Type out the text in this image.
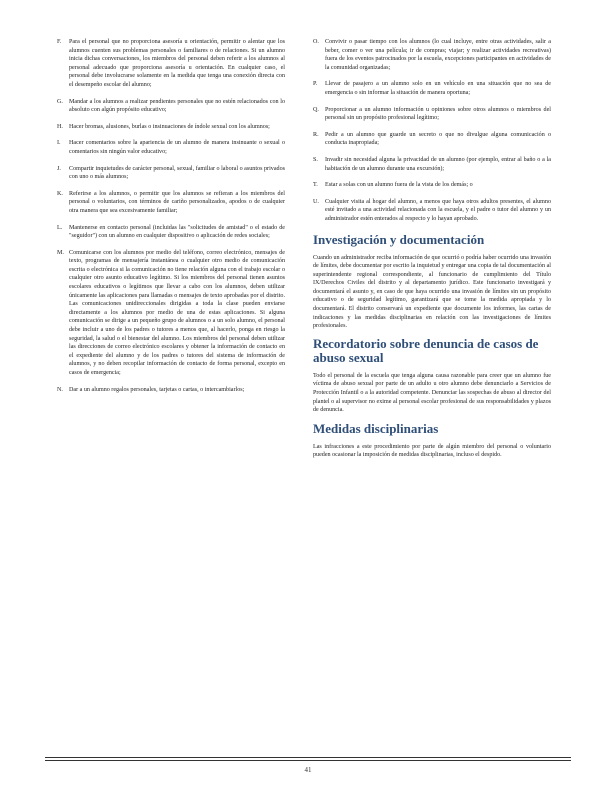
F.	Para el personal que no proporciona asesoría u orientación, permitir o alentar que los alumnos cuenten sus problemas personales o familiares o de relaciones. Si un alumno inicia dichas conversaciones, los miembros del personal deben referir a los alumnos al personal adecuado que proporciona asesoría u orientación. En cualquier caso, el personal debe involucrarse solamente en la medida que tenga una conexión directa con el desempeño escolar del alumno;
G. Mandar a los alumnos a realizar pendientes personales que no estén relacionados con lo absoluto con algún propósito educativo;
H. Hacer bromas, alusiones, burlas o insinuaciones de índole sexual con los alumnos;
I.	Hacer comentarios sobre la apariencia de un alumno de manera insinuante o sexual o comentarios sin ningún valor educativo;
J.	Compartir inquietudes de carácter personal, sexual, familiar o laboral o asuntos privados con uno o más alumnos;
K. Referirse a los alumnos, o permitir que los alumnos se refieran a los miembros del personal o voluntarios, con términos de cariño personalizados, apodos o de cualquier otra manera que sea excesivamente familiar;
L.	Mantenerse en contacto personal (incluidas las "solicitudes de amistad" o el estado de "seguidor") con un alumno en cualquier dispositivo o aplicación de redes sociales;
M. Comunicarse con los alumnos por medio del teléfono, correo electrónico, mensajes de texto, programas de mensajería instantánea o cualquier otro medio de comunicación escrita o electrónica si la comunicación no tiene relación alguna con el trabajo escolar o cualquier otro asunto educativo legítimo. Si los miembros del personal tienen asuntos escolares educativos o legítimos que llevar a cabo con los alumnos, deben utilizar únicamente las aplicaciones para llamadas o mensajes de texto aprobadas por el distrito. Las comunicaciones unidireccionales dirigidas a toda la clase pueden enviarse directamente a los alumnos por medio de una de estas aplicaciones. Si alguna comunicación se dirige a un pequeño grupo de alumnos o a un solo alumno, el personal debe incluir a uno de los padres o tutores a menos que, al hacerlo, ponga en riesgo la seguridad, la salud o el bienestar del alumno. Los miembros del personal deben utilizar las direcciones de correo electrónico escolares y obtener la información de contacto en el expediente del alumno y de los padres o tutores del sistema de información de alumnos, y no deben recopilar información de contacto de forma personal, excepto en casos de emergencia;
N. Dar a un alumno regalos personales, tarjetas o cartas, o intercambiarlos;
O. Convivir o pasar tiempo con los alumnos (lo cual incluye, entre otras actividades, salir a beber, comer o ver una película; ir de compras; viajar; y realizar actividades recreativas) fuera de los eventos patrocinados por la escuela, excepciones participantes en actividades de la comunidad organizadas;
P.	Llevar de pasajero a un alumno solo en un vehículo en una situación que no sea de emergencia o sin informar la situación de manera oportuna;
Q. Proporcionar a un alumno información u opiniones sobre otros alumnos o miembros del personal sin un propósito profesional legítimo;
R.	Pedir a un alumno que guarde un secreto o que no divulgue alguna comunicación o conducta inapropiada;
S.	Invadir sin necesidad alguna la privacidad de un alumno (por ejemplo, entrar al baño o a la habitación de un alumno durante una excursión);
T.	Estar a solas con un alumno fuera de la vista de los demás; o
U. Cualquier visita al hogar del alumno, a menos que haya otros adultos presentes, el alumno esté invitado a una actividad relacionada con la escuela, y el padre o tutor del alumno y un administrador estén enterados al respecto y lo hayan aprobado.
Investigación y documentación

Cuando un administrador reciba información de que ocurrió o podría haber ocurrido una invasión de límites, debe documentar por escrito la inquietud y entregar una copia de tal documentación al superintendente regional correspondiente, al funcionario de cumplimiento del Título IX/Derechos Civiles del distrito y al departamento jurídico. Este funcionario investigará y documentará el asunto y, en caso de que haya ocurrido una invasión de límites sin un propósito educativo o de seguridad legítimo, garantizará que se tome la medida apropiada y lo documentará. El distrito conservará un expediente que documente los informes, las cartas de indicaciones y las medidas disciplinarias en relación con las investigaciones de límites profesionales.

Recordatorio sobre denuncia de casos de abuso sexual

Todo el personal de la escuela que tenga alguna causa razonable para creer que un alumno fue víctima de abuso sexual por parte de un adulto u otro alumno debe denunciarlo a Servicios de Protección Infantil o a la autoridad competente. Denunciar las sospechas de abuso al director del plantel o al supervisor no exime al personal escolar profesional de sus responsabilidades y plazos de denuncia.

Medidas disciplinarias

Las infracciones a este procedimiento por parte de algún miembro del personal o voluntario pueden ocasionar la imposición de medidas disciplinarias, incluso el despido.

41
